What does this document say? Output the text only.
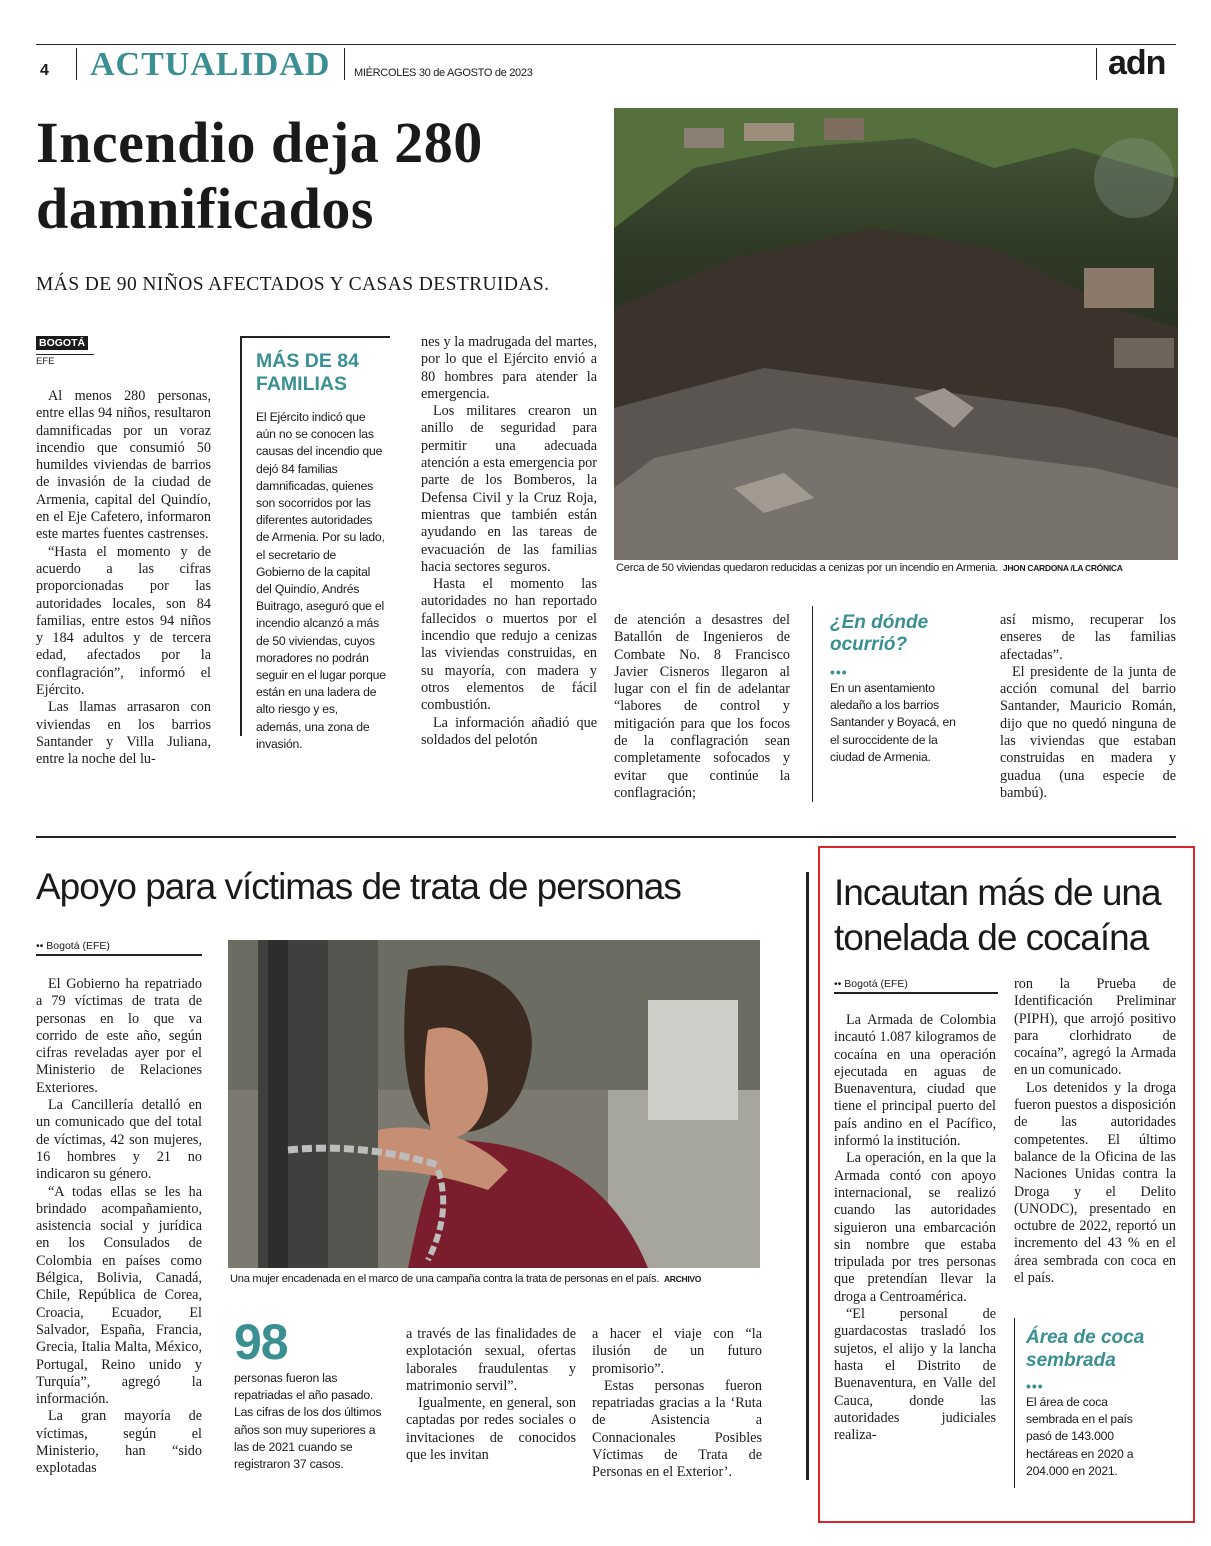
4 ACTUALIDAD MIÉRCOLES 30 de AGOSTO de 2023	adn
Incendio deja 280
damnificados
MÁS DE 90 NIÑOS AFECTADOS Y CASAS DESTRUIDAS.
Cerca de 50 viviendas quedaron reducidas a cenizas por un incendio en Armenia. JHON CARDONA /LA CRÓNICA
BOGOTÁ
EFE

Al menos 280 personas, entre ellas 94 niños, resultaron damnificadas por un voraz incendio que consumió 50 humildes viviendas de barrios de invasión de la ciudad de Armenia, capital del Quindío, en el Eje Cafetero, informaron este martes fuentes castrenses.

“Hasta el momento y de acuerdo a las cifras proporcionadas por las autoridades locales, son 84 familias, entre estos 94 niños y 184 adultos y de tercera edad, afectados por la conflagración”, informó el Ejército.

Las llamas arrasaron con viviendas en los barrios Santander y Villa Juliana, entre la noche del lu-

MÁS DE 84 FAMILIAS
El Ejército indicó que aún no se conocen las causas del incendio que dejó 84 familias damnificadas, quienes son socorridos por las diferentes autoridades de Armenia. Por su lado, el secretario de Gobierno de la capital del Quindío, Andrés Buitrago, aseguró que el incendio alcanzó a más de 50 viviendas, cuyos moradores no podrán seguir en el lugar porque están en una ladera de alto riesgo y es, además, una zona de invasión.

nes y la madrugada del martes, por lo que el Ejército envió a 80 hombres para atender la emergencia.

Los militares crearon un anillo de seguridad para permitir una adecuada atención a esta emergencia por parte de los Bomberos, la Defensa Civil y la Cruz Roja, mientras que también están ayudando en las tareas de evacuación de las familias hacia sectores seguros.

Hasta el momento las autoridades no han reportado fallecidos o muertos por el incendio que redujo a cenizas las viviendas construidas, en su mayoría, con madera y otros elementos de fácil combustión.

La información añadió que soldados del pelotón

de atención a desastres del Batallón de Ingenieros de Combate No. 8 Francisco Javier Cisneros llegaron al lugar con el fin de adelantar “labores de control y mitigación para que los focos de la conflagración sean completamente sofocados y evitar que continúe la conflagración;

¿En dónde ocurrió?
•••
En un asentamiento aledaño a los barrios Santander y Boyacá, en el suroccidente de la ciudad de Armenia.

así mismo, recuperar los enseres de las familias afectadas”.

El presidente de la junta de acción comunal del barrio Santander, Mauricio Román, dijo que no quedó ninguna de las viviendas que estaban construidas en madera y guadua (una especie de bambú).

Apoyo para víctimas de trata de personas
•• Bogotá (EFE)

El Gobierno ha repatriado a 79 víctimas de trata de personas en lo que va corrido de este año, según cifras reveladas ayer por el Ministerio de Relaciones Exteriores.

La Cancillería detalló en un comunicado que del total de víctimas, 42 son mujeres, 16 hombres y 21 no indicaron su género.

“A todas ellas se les ha brindado acompañamiento, asistencia social y jurídica en los Consulados de Colombia en países como Bélgica, Bolivia, Canadá, Chile, República de Corea, Croacia, Ecuador, El Salvador, España, Francia, Grecia, Italia Malta, México, Portugal, Reino unido y Turquía”, agregó la información.

La gran mayoría de víctimas, según el Ministerio, han “sido explotadas

Una mujer encadenada en el marco de una campaña contra la trata de personas en el país. ARCHIVO
98
personas fueron las repatriadas el año pasado. Las cifras de los dos últimos años son muy superiores a las de 2021 cuando se registraron 37 casos.

a través de las finalidades de explotación sexual, ofertas laborales fraudulentas y matrimonio servil”.

Igualmente, en general, son captadas por redes sociales o invitaciones de conocidos que les invitan

a hacer el viaje con “la ilusión de un futuro promisorio”.

Estas personas fueron repatriadas gracias a la ‘Ruta de Asistencia a Connacionales Posibles Víctimas de Trata de Personas en el Exterior’.

Incautan más de una
tonelada de cocaína
•• Bogotá (EFE)

La Armada de Colombia incautó 1.087 kilogramos de cocaína en una operación ejecutada en aguas de Buenaventura, ciudad que tiene el principal puerto del país andino en el Pacífico, informó la institución.

La operación, en la que la Armada contó con apoyo internacional, se realizó cuando las autoridades siguieron una embarcación sin nombre que estaba tripulada por tres personas que pretendían llevar la droga a Centroamérica.

“El personal de guardacostas trasladó los sujetos, el alijo y la lancha hasta el Distrito de Buenaventura, en Valle del Cauca, donde las autoridades judiciales realiza-

ron la Prueba de Identificación Preliminar (PIPH), que arrojó positivo para clorhidrato de cocaína”, agregó la Armada en un comunicado.

Los detenidos y la droga fueron puestos a disposición de las autoridades competentes. El último balance de la Oficina de las Naciones Unidas contra la Droga y el Delito (UNODC), presentado en octubre de 2022, reportó un incremento del 43 % en el área sembrada con coca en el país.

Área de coca sembrada
•••
El área de coca sembrada en el país pasó de 143.000 hectáreas en 2020 a 204.000 en 2021.
